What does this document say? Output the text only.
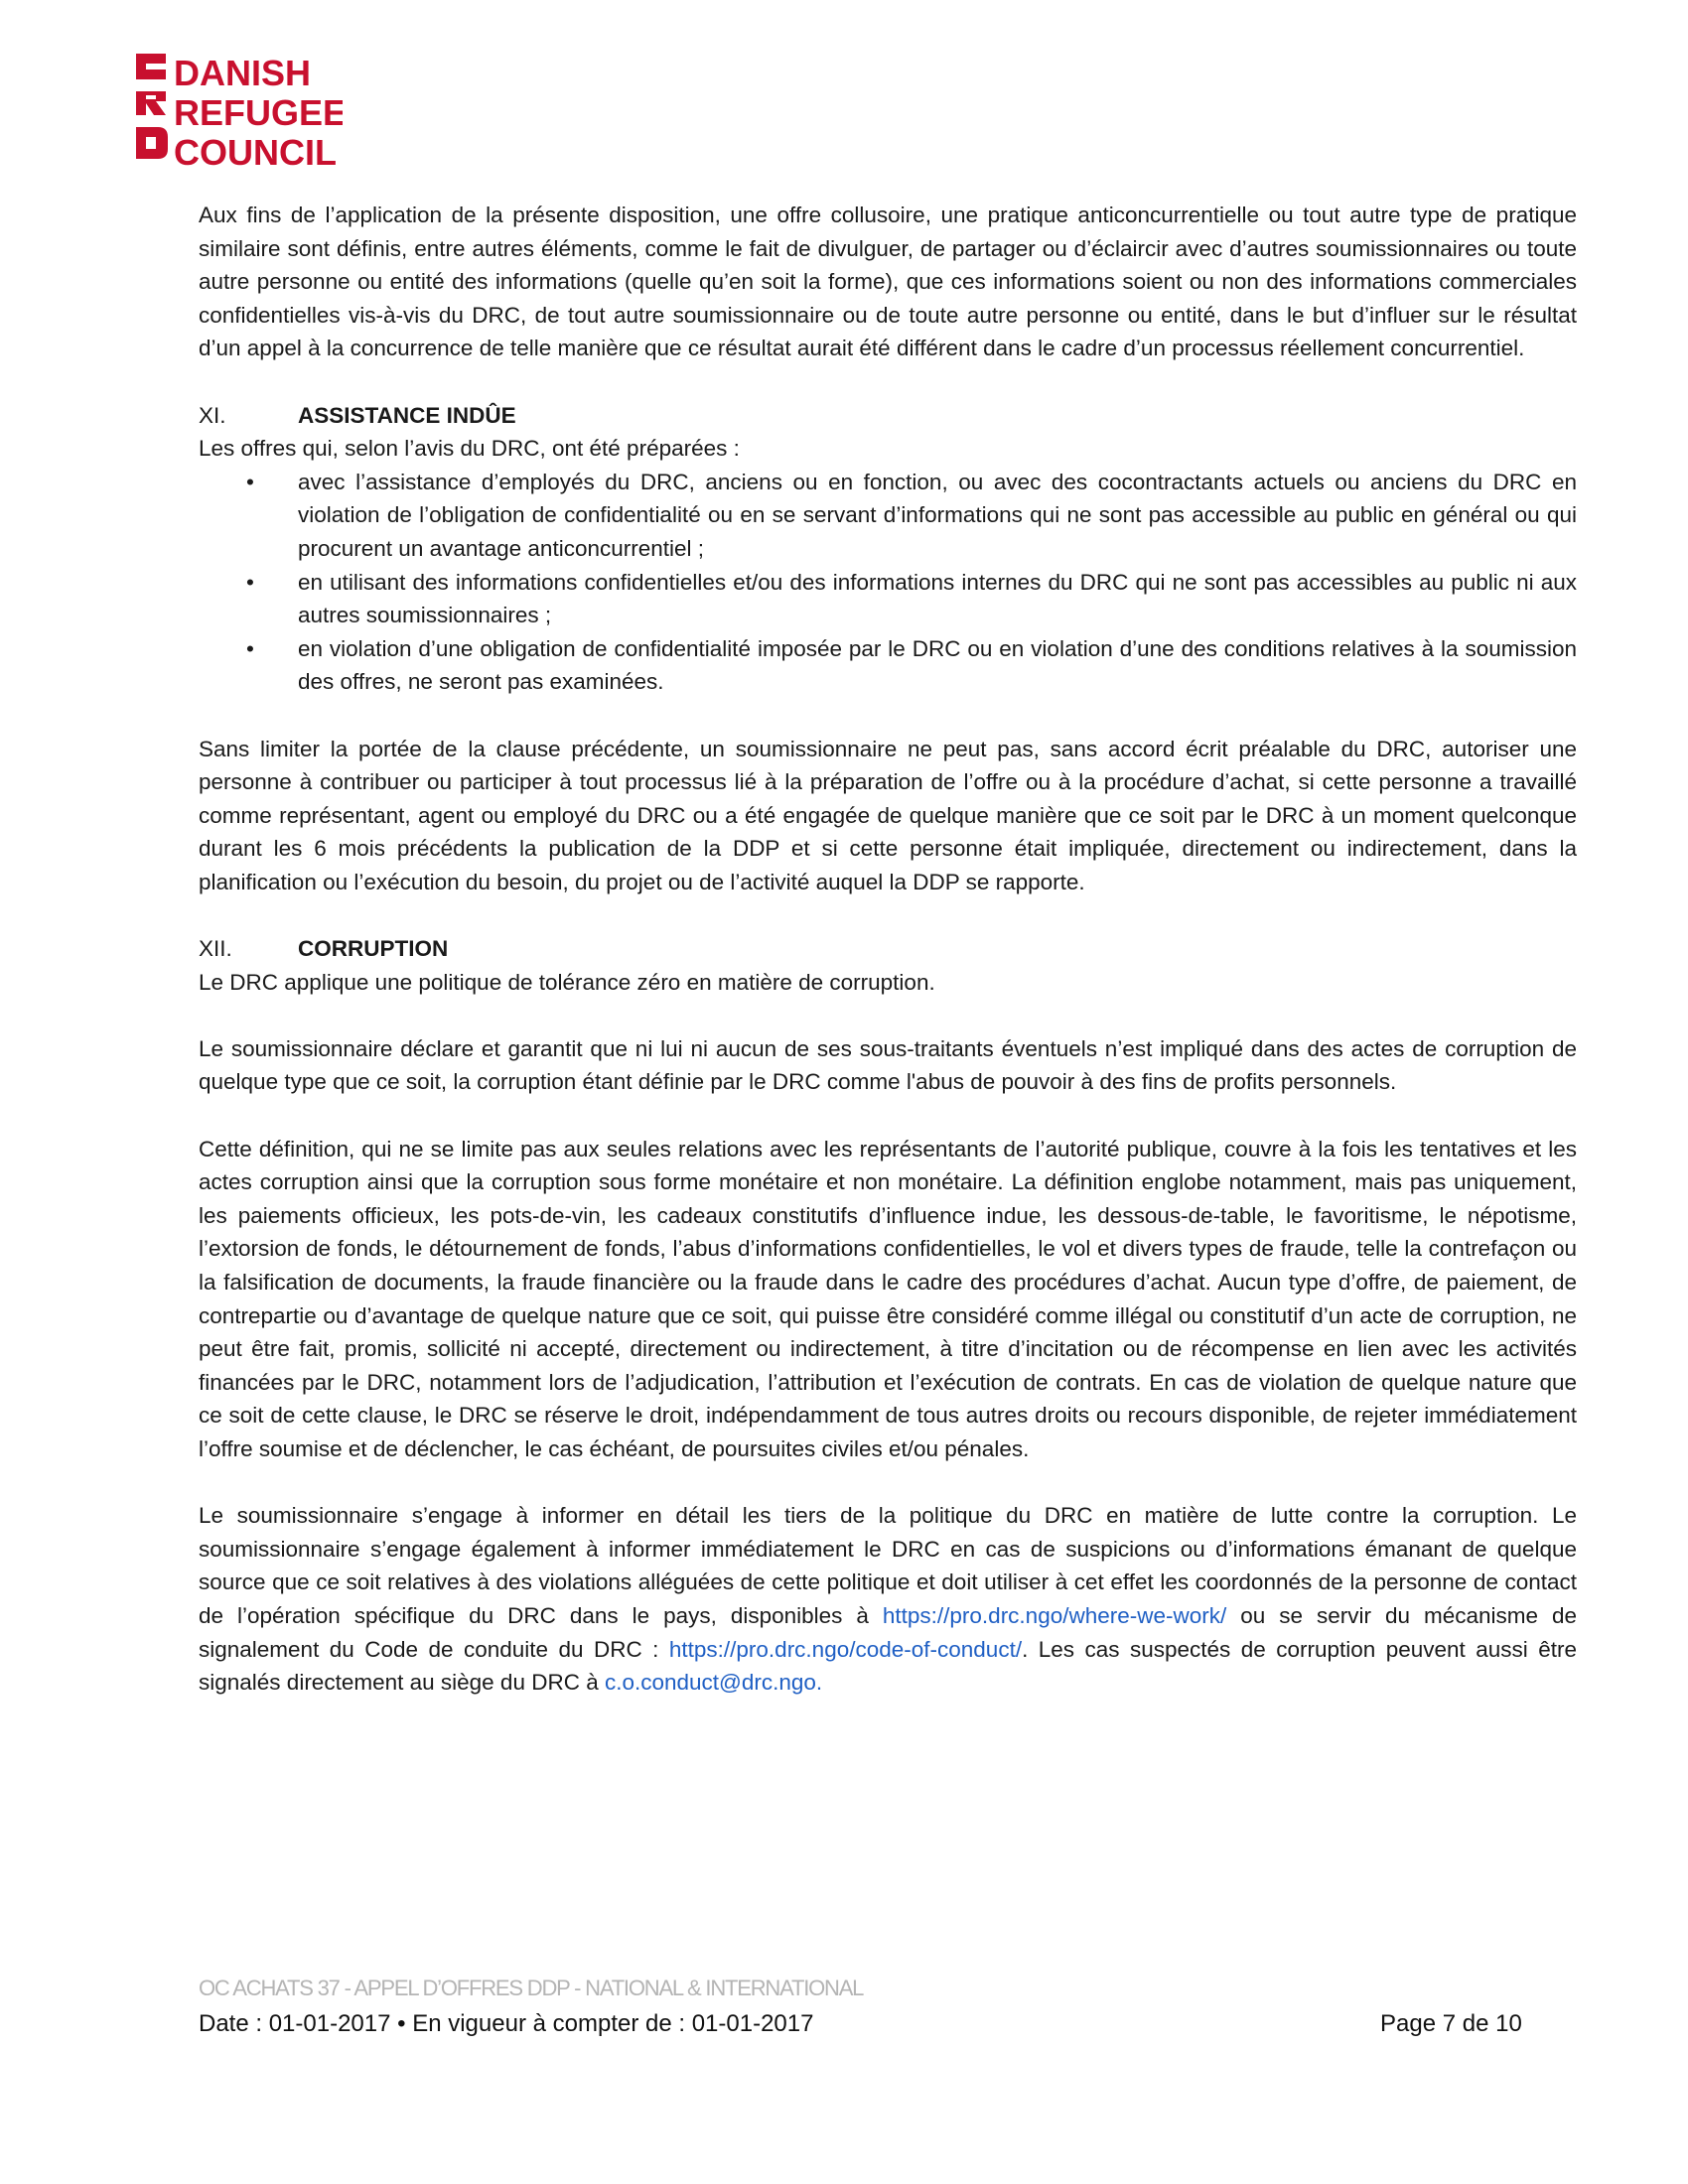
DANISH
REFUGEE
COUNCIL

Aux fins de l’application de la présente disposition, une offre collusoire, une pratique anticoncurrentielle ou tout autre type de pratique similaire sont définis, entre autres éléments, comme le fait de divulguer, de partager ou d’éclaircir avec d’autres soumissionnaires ou toute autre personne ou entité des informations (quelle qu’en soit la forme), que ces informations soient ou non des informations commerciales confidentielles vis-à-vis du DRC, de tout autre soumissionnaire ou de toute autre personne ou entité, dans le but d’influer sur le résultat d’un appel à la concurrence de telle manière que ce résultat aurait été différent dans le cadre d’un processus réellement concurrentiel.

XI.	ASSISTANCE INDÛE

Les offres qui, selon l’avis du DRC, ont été préparées :

• avec l’assistance d’employés du DRC, anciens ou en fonction, ou avec des cocontractants actuels ou anciens du DRC en violation de l’obligation de confidentialité ou en se servant d’informations qui ne sont pas accessible au public en général ou qui procurent un avantage anticoncurrentiel ;
• en utilisant des informations confidentielles et/ou des informations internes du DRC qui ne sont pas accessibles au public ni aux autres soumissionnaires ;
• en violation d’une obligation de confidentialité imposée par le DRC ou en violation d’une des conditions relatives à la soumission des offres, ne seront pas examinées.

Sans limiter la portée de la clause précédente, un soumissionnaire ne peut pas, sans accord écrit préalable du DRC, autoriser une personne à contribuer ou participer à tout processus lié à la préparation de l’offre ou à la procédure d’achat, si cette personne a travaillé comme représentant, agent ou employé du DRC ou a été engagée de quelque manière que ce soit par le DRC à un moment quelconque durant les 6 mois précédents la publication de la DDP et si cette personne était impliquée, directement ou indirectement, dans la planification ou l’exécution du besoin, du projet ou de l’activité auquel la DDP se rapporte.

XII.	CORRUPTION

Le DRC applique une politique de tolérance zéro en matière de corruption.

Le soumissionnaire déclare et garantit que ni lui ni aucun de ses sous-traitants éventuels n’est impliqué dans des actes de corruption de quelque type que ce soit, la corruption étant définie par le DRC comme l'abus de pouvoir à des fins de profits personnels.

Cette définition, qui ne se limite pas aux seules relations avec les représentants de l’autorité publique, couvre à la fois les tentatives et les actes corruption ainsi que la corruption sous forme monétaire et non monétaire. La définition englobe notamment, mais pas uniquement, les paiements officieux, les pots-de-vin, les cadeaux constitutifs d’influence indue, les dessous-de-table, le favoritisme, le népotisme, l’extorsion de fonds, le détournement de fonds, l’abus d’informations confidentielles, le vol et divers types de fraude, telle la contrefaçon ou la falsification de documents, la fraude financière ou la fraude dans le cadre des procédures d’achat. Aucun type d’offre, de paiement, de contrepartie ou d’avantage de quelque nature que ce soit, qui puisse être considéré comme illégal ou constitutif d’un acte de corruption, ne peut être fait, promis, sollicité ni accepté, directement ou indirectement, à titre d’incitation ou de récompense en lien avec les activités financées par le DRC, notamment lors de l’adjudication, l’attribution et l’exécution de contrats. En cas de violation de quelque nature que ce soit de cette clause, le DRC se réserve le droit, indépendamment de tous autres droits ou recours disponible, de rejeter immédiatement l’offre soumise et de déclencher, le cas échéant, de poursuites civiles et/ou pénales.

Le soumissionnaire s’engage à informer en détail les tiers de la politique du DRC en matière de lutte contre la corruption. Le soumissionnaire s’engage également à informer immédiatement le DRC en cas de suspicions ou d’informations émanant de quelque source que ce soit relatives à des violations alléguées de cette politique et doit utiliser à cet effet les coordonnés de la personne de contact de l’opération spécifique du DRC dans le pays, disponibles à https://pro.drc.ngo/where-we-work/ ou se servir du mécanisme de signalement du Code de conduite du DRC : https://pro.drc.ngo/code-of-conduct/. Les cas suspectés de corruption peuvent aussi être signalés directement au siège du DRC à c.o.conduct@drc.ngo.

OC ACHATS 37 - APPEL D’OFFRES DDP - NATIONAL & INTERNATIONAL
Date : 01-01-2017 • En vigueur à compter de : 01-01-2017	Page 7 de 10
